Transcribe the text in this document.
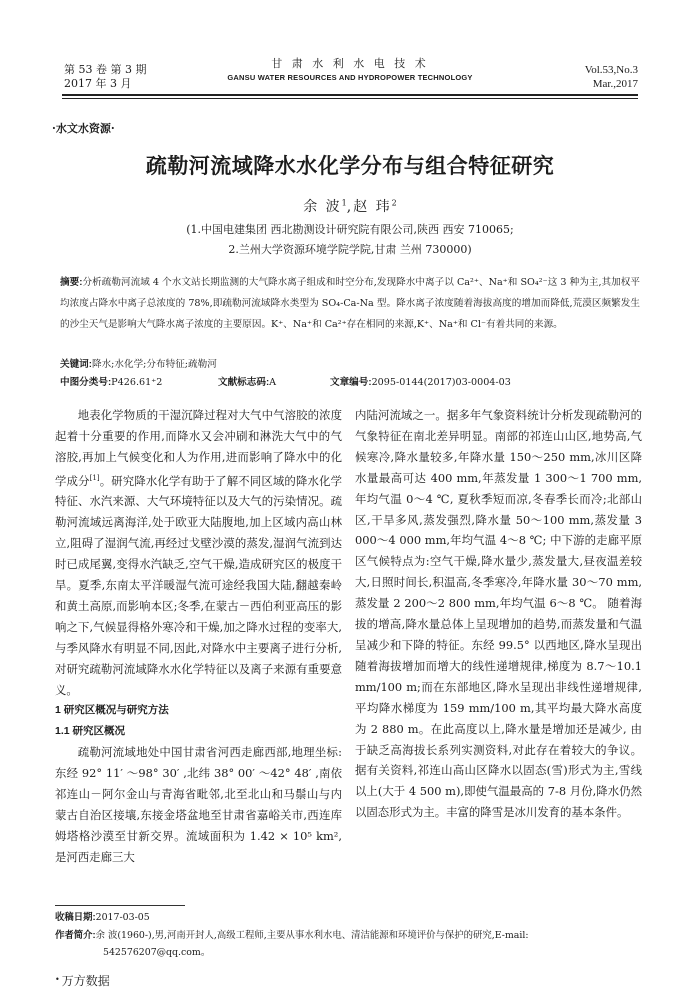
第 53 卷 第 3 期
2017 年 3 月
甘 肃 水 利 水 电 技 术
GANSU WATER RESOURCES AND HYDROPOWER TECHNOLOGY
Vol.53,No.3
Mar.,2017
·水文水资源·
疏勒河流域降水水化学分布与组合特征研究
余 波$^1$,赵 玮$^2$
(1.中国电建集团 西北勘测设计研究院有限公司,陕西 西安 710065;
2.兰州大学资源环境学院学院,甘肃 兰州 730000)
摘要:分析疏勒河流域 4 个水文站长期监测的大气降水离子组成和时空分布,发现降水中离子以 Ca²⁺、Na⁺和 SO₄²⁻这 3 种为主,其加权平均浓度占降水中离子总浓度的 78%,即疏勒河流域降水类型为 SO₄-Ca-Na 型。降水离子浓度随着海拔高度的增加而降低,荒漠区频繁发生的沙尘天气是影响大气降水离子浓度的主要原因。K⁺、Na⁺和 Ca²⁺存在相同的来源,K⁺、Na⁺和 Cl⁻有着共同的来源。
关键词:降水;水化学;分布特征;疏勒河
中图分类号:P426.61⁺2	文献标志码:A	文章编号:2095-0144(2017)03-0004-03

地表化学物质的干湿沉降过程对大气中气溶胶的浓度起着十分重要的作用,而降水又会冲刷和淋洗大气中的气溶胶,再加上气候变化和人为作用,进而影响了降水中的化学成分[1]。研究降水化学有助于了解不同区域的降水化学特征、水汽来源、大气环境特征以及大气的污染情况。疏勒河流域远离海洋,处于欧亚大陆腹地,加上区域内高山林立,阻碍了湿润气流,再经过戈壁沙漠的蒸发,湿润气流到达时已成尾翼,变得水汽缺乏,空气干燥,造成研究区的极度干旱。夏季,东南太平洋暖湿气流可途经我国大陆,翻越秦岭和黄土高原,而影响本区;冬季,在蒙古－西伯利亚高压的影响之下,气候显得格外寒冷和干燥,加之降水过程的变率大,与季风降水有明显不同,因此,对降水中主要离子进行分析,对研究疏勒河流域降水水化学特征以及离子来源有重要意义。

1 研究区概况与研究方法

1.1 研究区概况

疏勒河流域地处中国甘肃省河西走廊西部,地理坐标:东经 92° 11′ ～98° 30′ ,北纬 38° 00′ ～42° 48′ ,南依祁连山－阿尔金山与青海省毗邻,北至北山和马鬃山与内蒙古自治区接壤,东接金塔盆地至甘肃省嘉峪关市,西连库姆塔格沙漠至甘新交界。流域面积为 1.42 × 10⁵ km²,是河西走廊三大

内陆河流域之一。据多年气象资料统计分析发现疏勒河的气象特征在南北差异明显。南部的祁连山山区,地势高,气候寒冷,降水量较多,年降水量 150～250 mm,冰川区降水量最高可达 400 mm,年蒸发量 1 300～1 700 mm, 年均气温 0～4 ℃, 夏秋季短而凉,冬春季长而冷;北部山区,干旱多风,蒸发强烈,降水量 50～100 mm,蒸发量 3 000～4 000 mm,年均气温 4～8 ℃; 中下游的走廊平原区气候特点为:空气干燥,降水量少,蒸发量大,昼夜温差较大,日照时间长,积温高,冬季寒冷,年降水量 30～70 mm,蒸发量 2 200～2 800 mm,年均气温 6～8 ℃。 随着海拔的增高,降水量总体上呈现增加的趋势,而蒸发量和气温呈减少和下降的特征。东经 99.5° 以西地区,降水呈现出随着海拔增加而增大的线性递增规律,梯度为 8.7～10.1 mm/100 m;而在东部地区,降水呈现出非线性递增规律,平均降水梯度为 159 mm/100 m,其平均最大降水高度为 2 880 m。在此高度以上,降水量是增加还是减少, 由于缺乏高海拔长系列实测资料,对此存在着较大的争议。据有关资料,祁连山高山区降水以固态(雪)形式为主,雪线以上(大于 4 500 m),即使气温最高的 7-8 月份,降水仍然以固态形式为主。丰富的降雪是冰川发育的基本条件。

收稿日期:2017-03-05
作者简介:余 波(1960-),男,河南开封人,高级工程师,主要从事水利水电、清洁能源和环境评价与保护的研究,E-mail:
542576207@qq.com。
• 万方数据
